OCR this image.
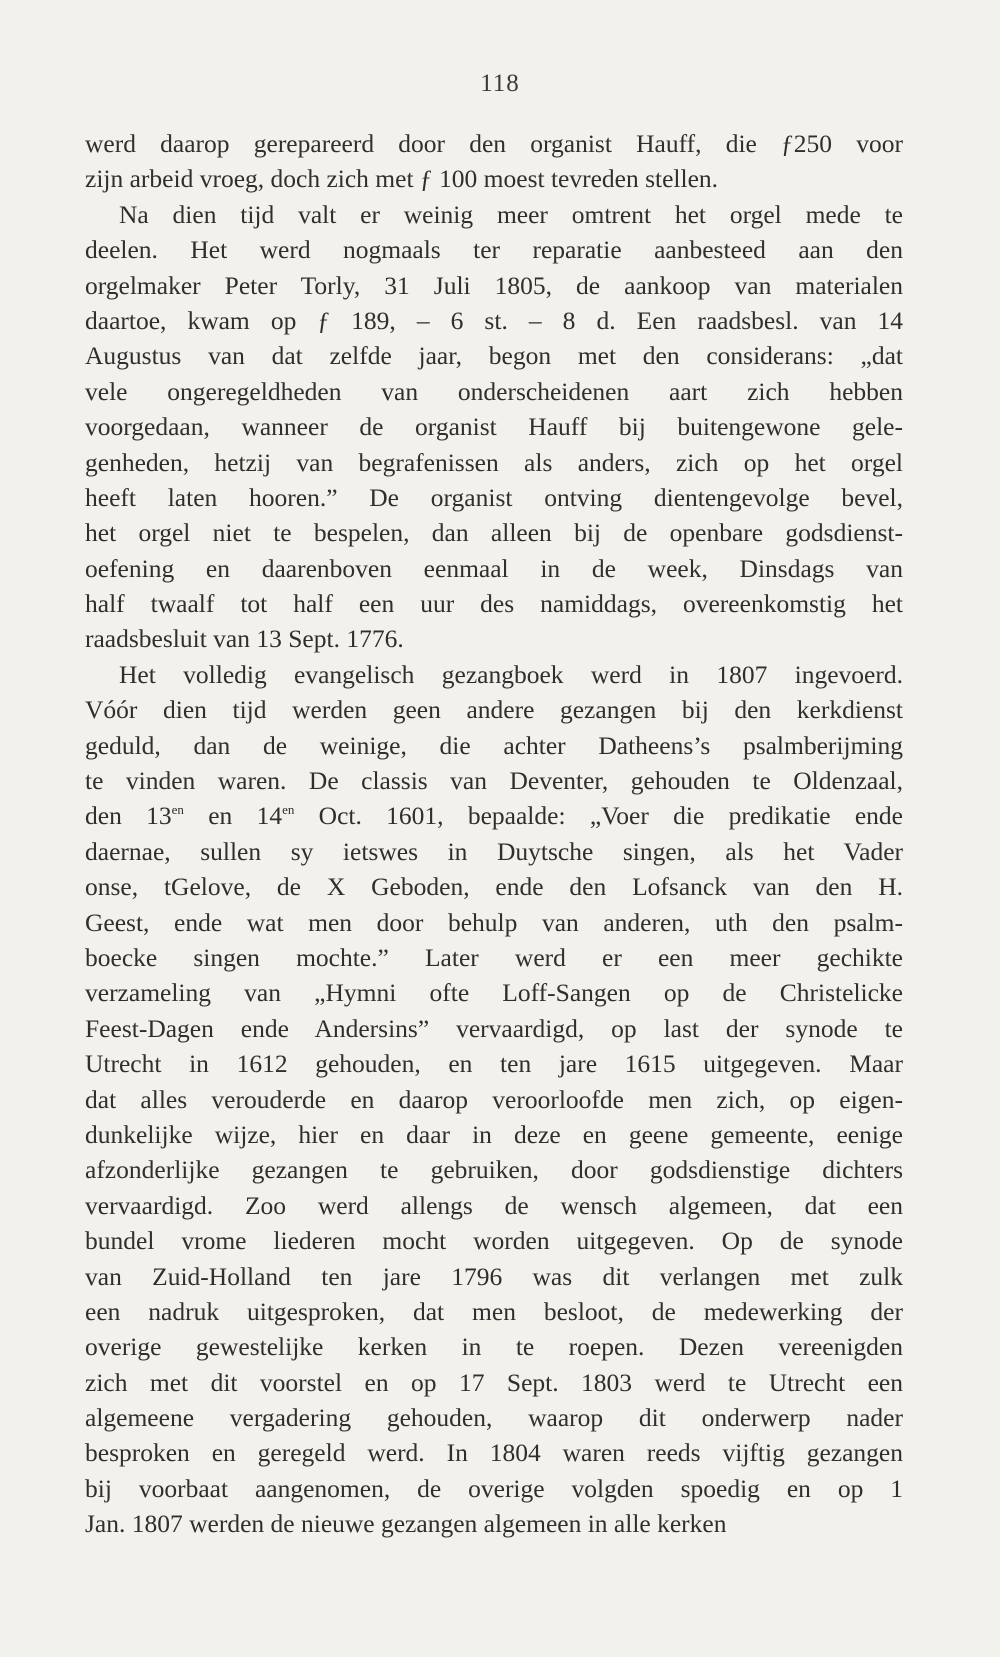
118
werd daarop gerepareerd door den organist Hauff, die ƒ250 voor
zijn arbeid vroeg, doch zich met ƒ 100 moest tevreden stellen.
Na dien tijd valt er weinig meer omtrent het orgel mede te
deelen. Het werd nogmaals ter reparatie aanbesteed aan den
orgelmaker Peter Torly, 31 Juli 1805, de aankoop van materialen
daartoe, kwam op ƒ 189, – 6 st. – 8 d. Een raadsbesl. van 14
Augustus van dat zelfde jaar, begon met den considerans: „dat
vele ongeregeldheden van onderscheidenen aart zich hebben
voorgedaan, wanneer de organist Hauff bij buitengewone gele-
genheden, hetzij van begrafenissen als anders, zich op het orgel
heeft laten hooren.” De organist ontving dientengevolge bevel,
het orgel niet te bespelen, dan alleen bij de openbare godsdienst-
oefening en daarenboven eenmaal in de week, Dinsdags van
half twaalf tot half een uur des namiddags, overeenkomstig het
raadsbesluit van 13 Sept. 1776.
Het volledig evangelisch gezangboek werd in 1807 ingevoerd.
Vóór dien tijd werden geen andere gezangen bij den kerkdienst
geduld, dan de weinige, die achter Datheens’s psalmberijming
te vinden waren. De classis van Deventer, gehouden te Oldenzaal,
den $13^{en}$ en $14^{en}$ Oct. 1601, bepaalde: „Voer die predikatie ende
daernae, sullen sy ietswes in Duytsche singen, als het Vader
onse, tGelove, de X Geboden, ende den Lofsanck van den H.
Geest, ende wat men door behulp van anderen, uth den psalm-
boecke singen mochte.” Later werd er een meer gechikte
verzameling van „Hymni ofte Loff-Sangen op de Christelicke
Feest-Dagen ende Andersins” vervaardigd, op last der synode te
Utrecht in 1612 gehouden, en ten jare 1615 uitgegeven. Maar
dat alles verouderde en daarop veroorloofde men zich, op eigen-
dunkelijke wijze, hier en daar in deze en geene gemeente, eenige
afzonderlijke gezangen te gebruiken, door godsdienstige dichters
vervaardigd. Zoo werd allengs de wensch algemeen, dat een
bundel vrome liederen mocht worden uitgegeven. Op de synode
van Zuid-Holland ten jare 1796 was dit verlangen met zulk
een nadruk uitgesproken, dat men besloot, de medewerking der
overige gewestelijke kerken in te roepen. Dezen vereenigden
zich met dit voorstel en op 17 Sept. 1803 werd te Utrecht een
algemeene vergadering gehouden, waarop dit onderwerp nader
besproken en geregeld werd. In 1804 waren reeds vijftig gezangen
bij voorbaat aangenomen, de overige volgden spoedig en op 1
Jan. 1807 werden de nieuwe gezangen algemeen in alle kerken
